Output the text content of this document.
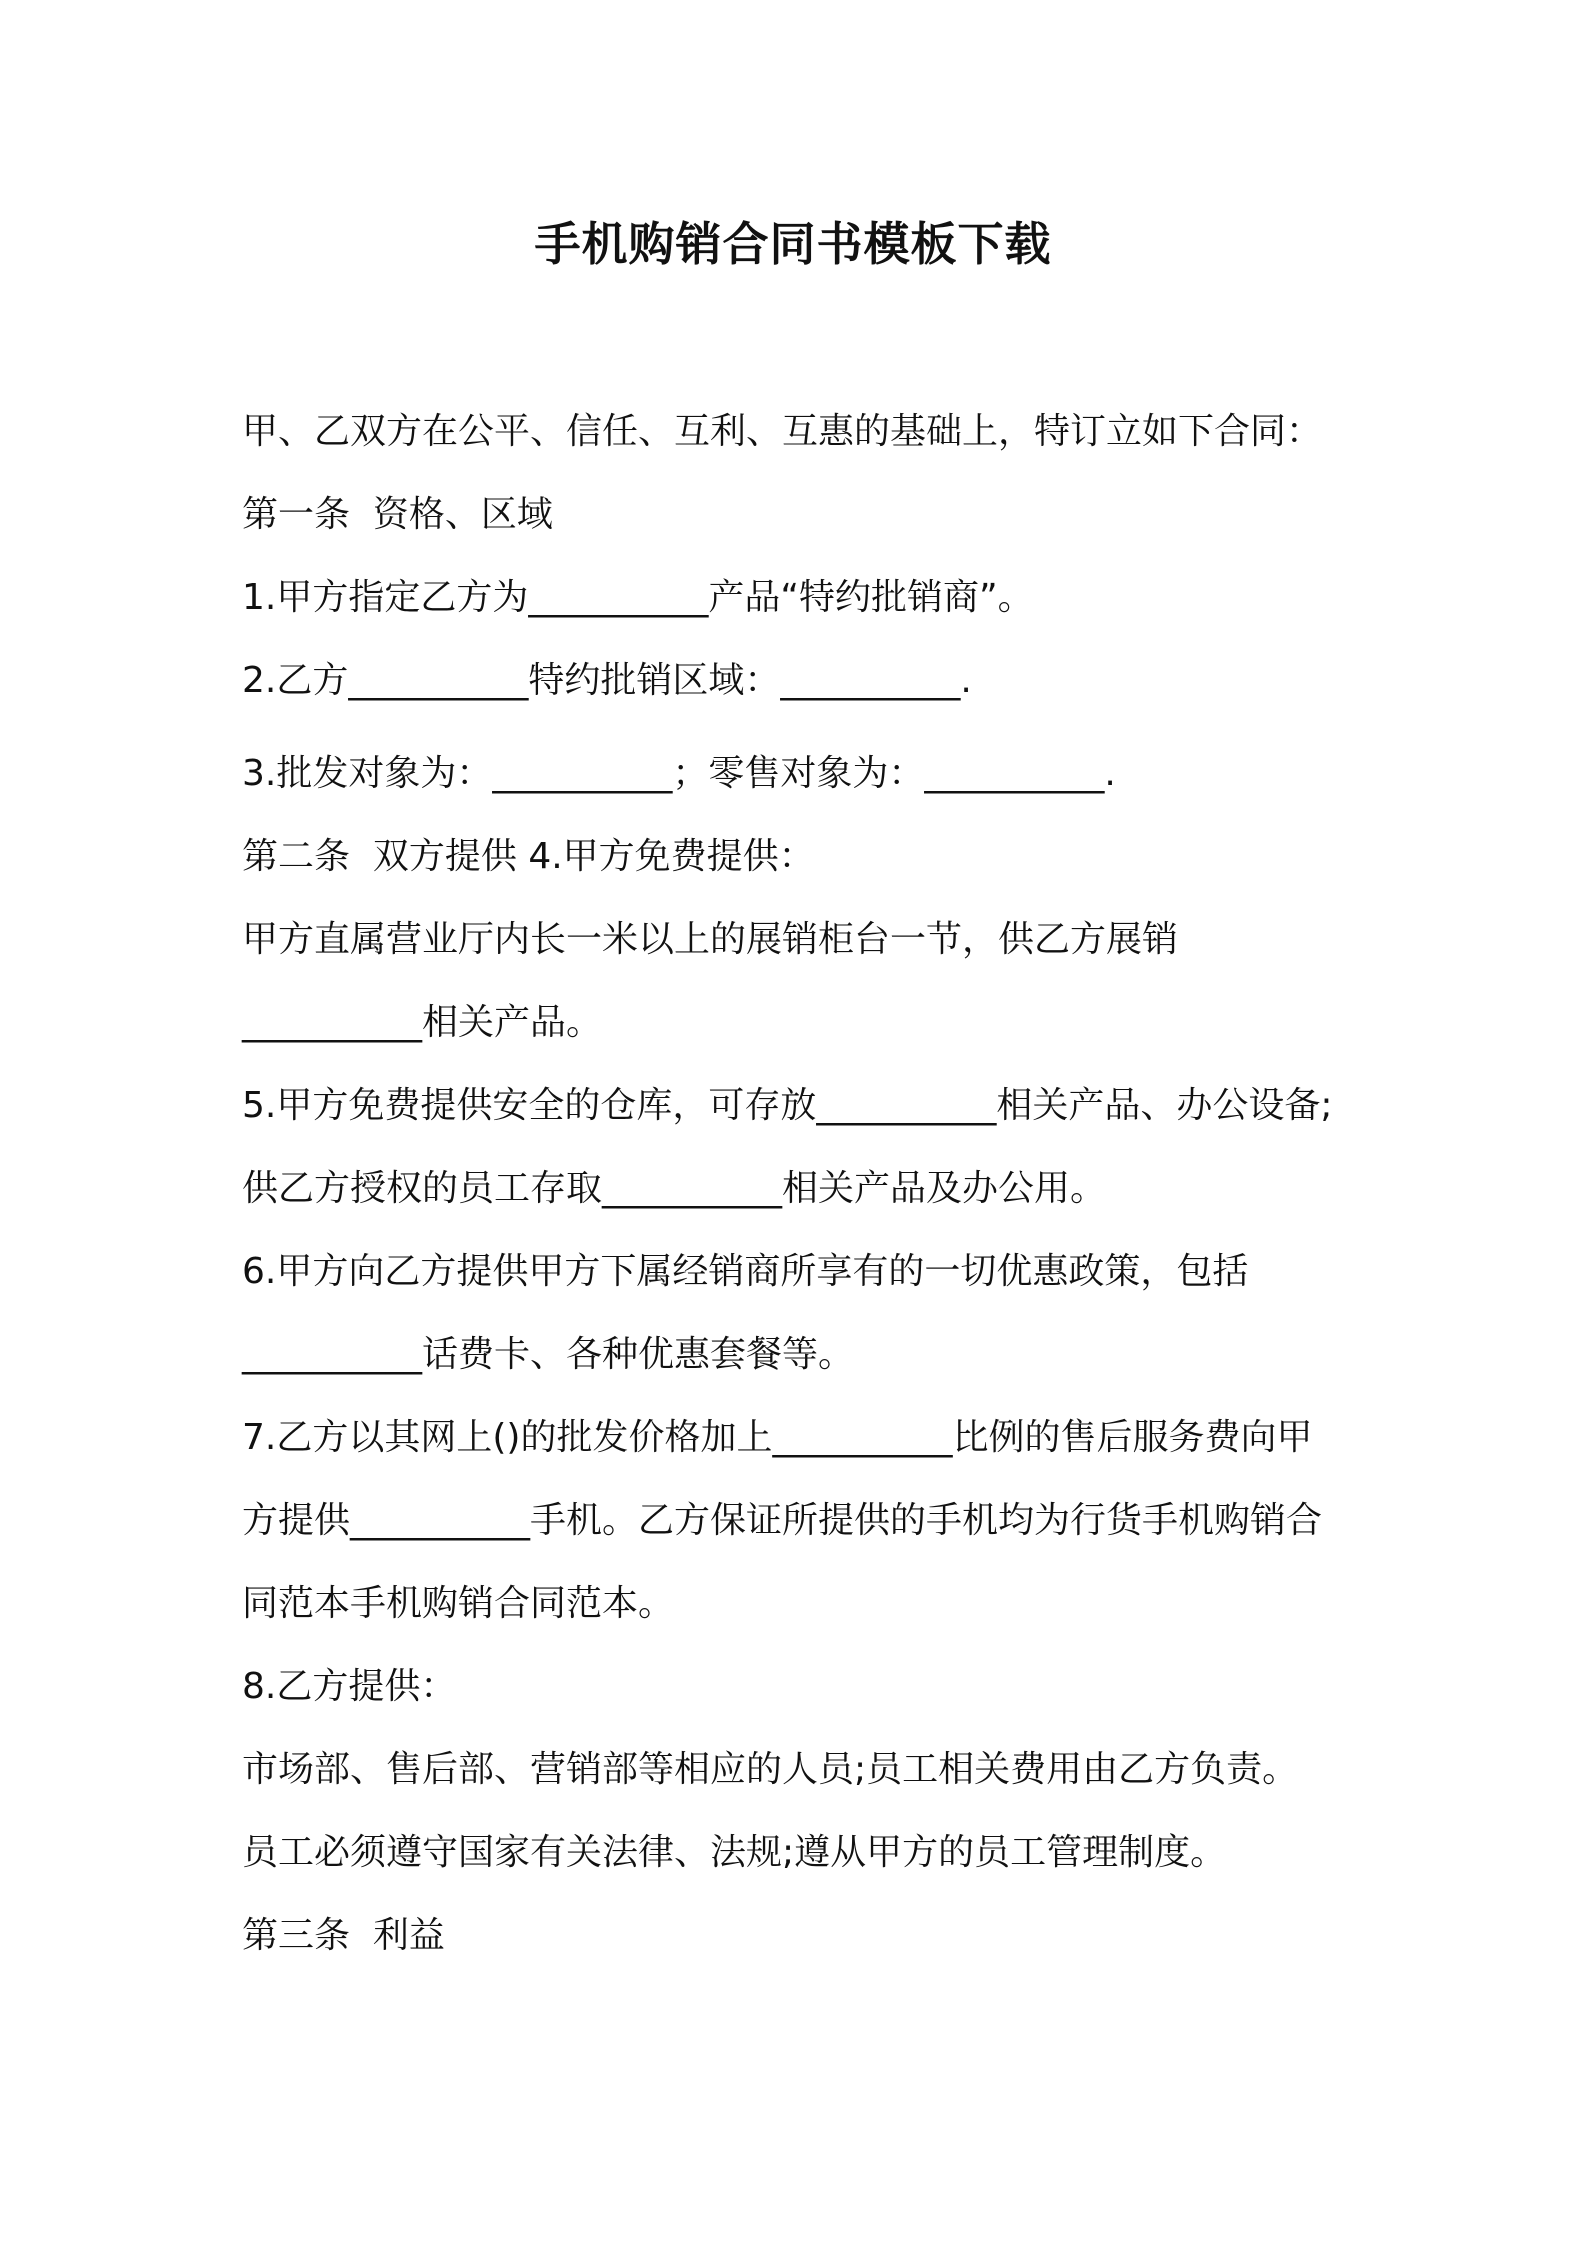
手机购销合同书模板下载

甲、乙双方在公平、信任、互利、互惠的基础上，特订立如下合同：

第一条  资格、区域

1.甲方指定乙方为__________产品“特约批销商”。

2.乙方__________特约批销区域：__________.

3.批发对象为：__________；零售对象为：__________.

第二条  双方提供 4.甲方免费提供：

甲方直属营业厅内长一米以上的展销柜台一节，供乙方展销

__________相关产品。

5.甲方免费提供安全的仓库，可存放__________相关产品、办公设备;

供乙方授权的员工存取__________相关产品及办公用。

6.甲方向乙方提供甲方下属经销商所享有的一切优惠政策，包括

__________话费卡、各种优惠套餐等。

7.乙方以其网上()的批发价格加上__________比例的售后服务费向甲

方提供__________手机。乙方保证所提供的手机均为行货手机购销合

同范本手机购销合同范本。

8.乙方提供：

市场部、售后部、营销部等相应的人员;员工相关费用由乙方负责。

员工必须遵守国家有关法律、法规;遵从甲方的员工管理制度。

第三条  利益
